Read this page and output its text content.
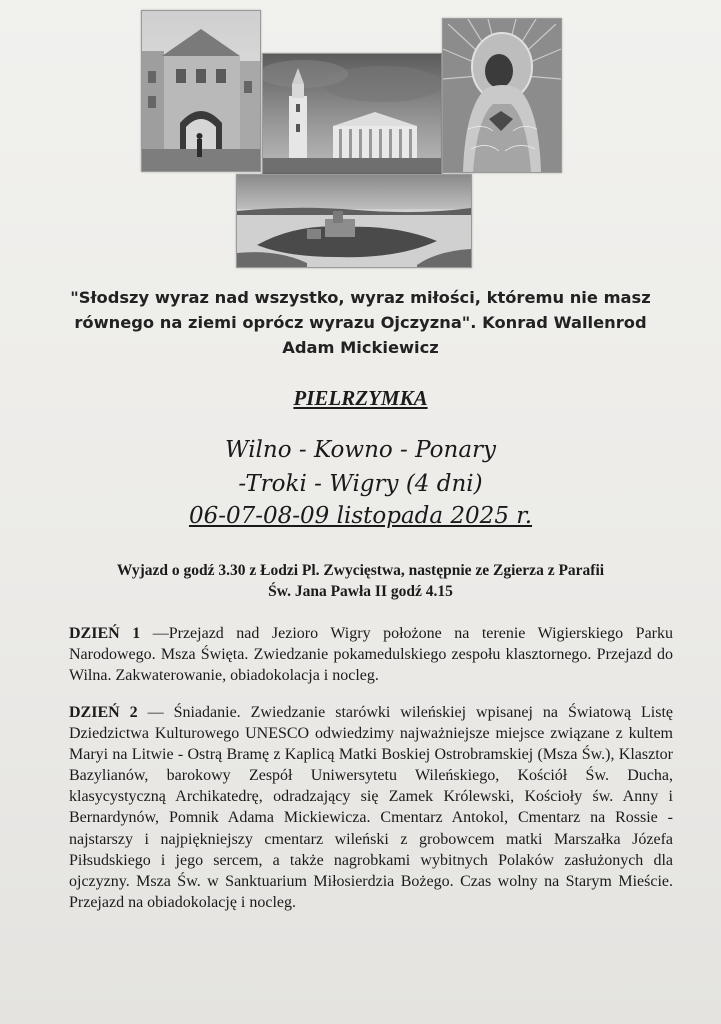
"Słodszy wyraz nad wszystko, wyraz miłości, któremu nie masz

równego na ziemi oprócz wyrazu Ojczyzna". Konrad Wallenrod

Adam Mickiewicz

PIELRZYMKA
Wilno - Kowno - Ponary
-Troki - Wigry (4 dni)
06-07-08-09 listopada 2025 r.

Wyjazd o godź 3.30 z Łodzi Pl. Zwycięstwa, następnie ze Zgierza z Parafii

Św. Jana Pawła II godź 4.15

DZIEŃ 1 —Przejazd nad Jezioro Wigry położone na terenie Wigierskiego Parku Narodowego. Msza Święta. Zwiedzanie pokamedulskiego zespołu klasztornego. Przejazd do Wilna. Zakwaterowanie, obiadokolacja i nocleg.

DZIEŃ 2 — Śniadanie. Zwiedzanie starówki wileńskiej wpisanej na Światową Listę Dziedzictwa Kulturowego UNESCO odwiedzimy najważniejsze miejsce związane z kultem Maryi na Litwie - Ostrą Bramę z Kaplicą Matki Boskiej Ostrobramskiej (Msza Św.), Klasztor Bazylianów, barokowy Zespół Uniwersytetu Wileńskiego, Kościół Św. Ducha, klasycystyczną Archikatedrę, odradzający się Zamek Królewski, Kościoły św. Anny i Bernardynów, Pomnik Adama Mickiewicza. Cmentarz Antokol, Cmentarz na Rossie - najstarszy i najpiękniejszy cmentarz wileński z grobowcem matki Marszałka Józefa Piłsudskiego i jego sercem, a także nagrobkami wybitnych Polaków zasłużonych dla ojczyzny. Msza Św. w Sanktuarium Miłosierdzia Bożego. Czas wolny na Starym Mieście. Przejazd na obiadokolację i nocleg.
